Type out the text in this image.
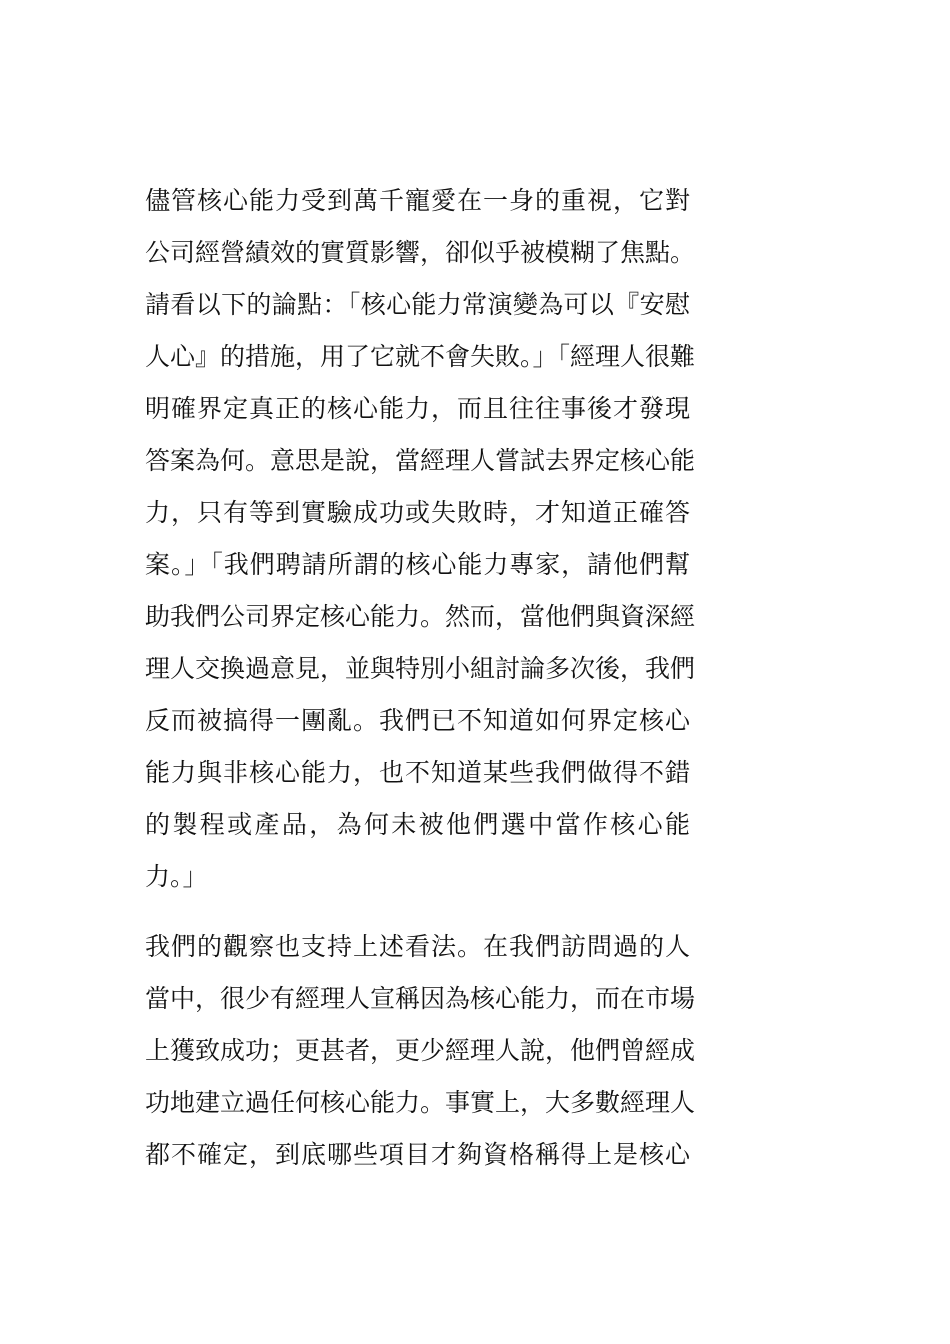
儘管核心能力受到萬千寵愛在一身的重視，它對
公司經營績效的實質影響，卻似乎被模糊了焦點。
請看以下的論點：「核心能力常演變為可以『安慰
人心』的措施，用了它就不會失敗。」「經理人很難
明確界定真正的核心能力，而且往往事後才發現
答案為何。意思是說，當經理人嘗試去界定核心能
力，只有等到實驗成功或失敗時，才知道正確答
案。」「我們聘請所謂的核心能力專家，請他們幫
助我們公司界定核心能力。然而，當他們與資深經
理人交換過意見，並與特別小組討論多次後，我們
反而被搞得一團亂。我們已不知道如何界定核心
能力與非核心能力，也不知道某些我們做得不錯
的製程或產品，為何未被他們選中當作核心能
力。」
我們的觀察也支持上述看法。在我們訪問過的人
當中，很少有經理人宣稱因為核心能力，而在市場
上獲致成功；更甚者，更少經理人說，他們曾經成
功地建立過任何核心能力。事實上，大多數經理人
都不確定，到底哪些項目才夠資格稱得上是核心
